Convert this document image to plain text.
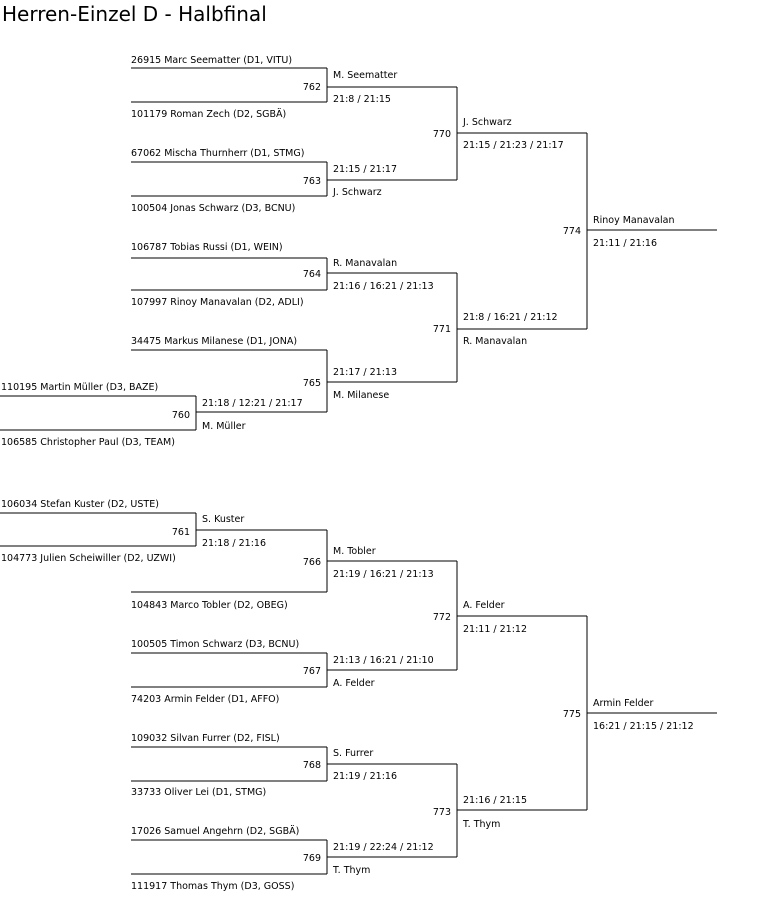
Herren-Einzel D - Halbfinal
26915 Marc Seematter (D1, VITU)
101179 Roman Zech (D2, SGBÄ)
67062 Mischa Thurnherr (D1, STMG)
100504 Jonas Schwarz (D3, BCNU)
106787 Tobias Russi (D1, WEIN)
107997 Rinoy Manavalan (D2, ADLI)
34475 Markus Milanese (D1, JONA)
110195 Martin Müller (D3, BAZE)
106585 Christopher Paul (D3, TEAM)
106034 Stefan Kuster (D2, USTE)
104773 Julien Scheiwiller (D2, UZWI)
104843 Marco Tobler (D2, OBEG)
100505 Timon Schwarz (D3, BCNU)
74203 Armin Felder (D1, AFFO)
109032 Silvan Furrer (D2, FISL)
33733 Oliver Lei (D1, STMG)
17026 Samuel Angehrn (D2, SGBÄ)
111917 Thomas Thym (D3, GOSS)
760
761
762
763
764
765
766
767
768
769
770
771
772
773
774
775
M. Müller
S. Kuster
M. Seematter
J. Schwarz
R. Manavalan
M. Milanese
M. Tobler
A. Felder
S. Furrer
T. Thym
J. Schwarz
R. Manavalan
A. Felder
T. Thym
Rinoy Manavalan
Armin Felder
21:18 / 12:21 / 21:17
21:18 / 21:16
21:8 / 21:15
21:15 / 21:17
21:16 / 16:21 / 21:13
21:17 / 21:13
21:19 / 16:21 / 21:13
21:13 / 16:21 / 21:10
21:19 / 21:16
21:19 / 22:24 / 21:12
21:15 / 21:23 / 21:17
21:8 / 16:21 / 21:12
21:11 / 21:12
21:16 / 21:15
21:11 / 21:16
16:21 / 21:15 / 21:12
